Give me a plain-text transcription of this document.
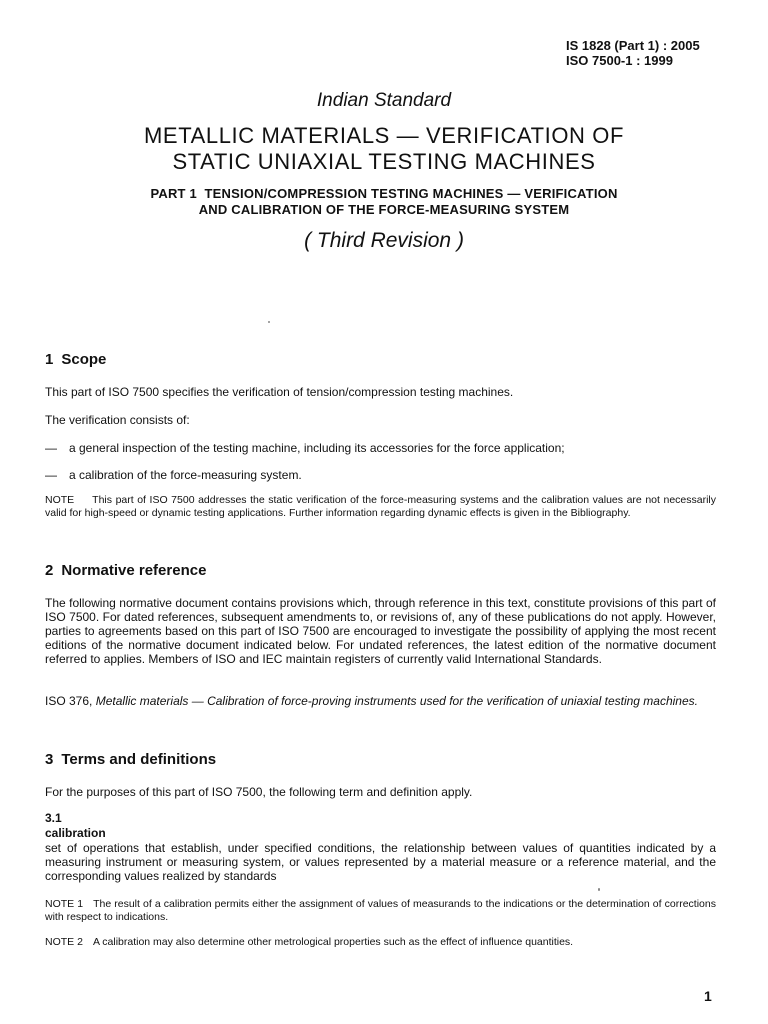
IS 1828 (Part 1) : 2005
ISO 7500-1 : 1999
Indian Standard
METALLIC MATERIALS — VERIFICATION OF
STATIC UNIAXIAL TESTING MACHINES
PART 1  TENSION/COMPRESSION TESTING MACHINES — VERIFICATION
AND CALIBRATION OF THE FORCE-MEASURING SYSTEM
( Third Revision )
1 Scope

This part of ISO 7500 specifies the verification of tension/compression testing machines.

The verification consists of:

— a general inspection of the testing machine, including its accessories for the force application;
— a calibration of the force-measuring system.

NOTE This part of ISO 7500 addresses the static verification of the force-measuring systems and the calibration values are not necessarily valid for high-speed or dynamic testing applications. Further information regarding dynamic effects is given in the Bibliography.

2 Normative reference

The following normative document contains provisions which, through reference in this text, constitute provisions of this part of ISO 7500. For dated references, subsequent amendments to, or revisions of, any of these publications do not apply. However, parties to agreements based on this part of ISO 7500 are encouraged to investigate the possibility of applying the most recent editions of the normative document indicated below. For undated references, the latest edition of the normative document referred to applies. Members of ISO and IEC maintain registers of currently valid International Standards.

ISO 376, Metallic materials — Calibration of force-proving instruments used for the verification of uniaxial testing machines.

3 Terms and definitions

For the purposes of this part of ISO 7500, the following term and definition apply.

3.1
calibration

set of operations that establish, under specified conditions, the relationship between values of quantities indicated by a measuring instrument or measuring system, or values represented by a material measure or a reference material, and the corresponding values realized by standards

NOTE 1 The result of a calibration permits either the assignment of values of measurands to the indications or the determination of corrections with respect to indications.

NOTE 2 A calibration may also determine other metrological properties such as the effect of influence quantities.

1
